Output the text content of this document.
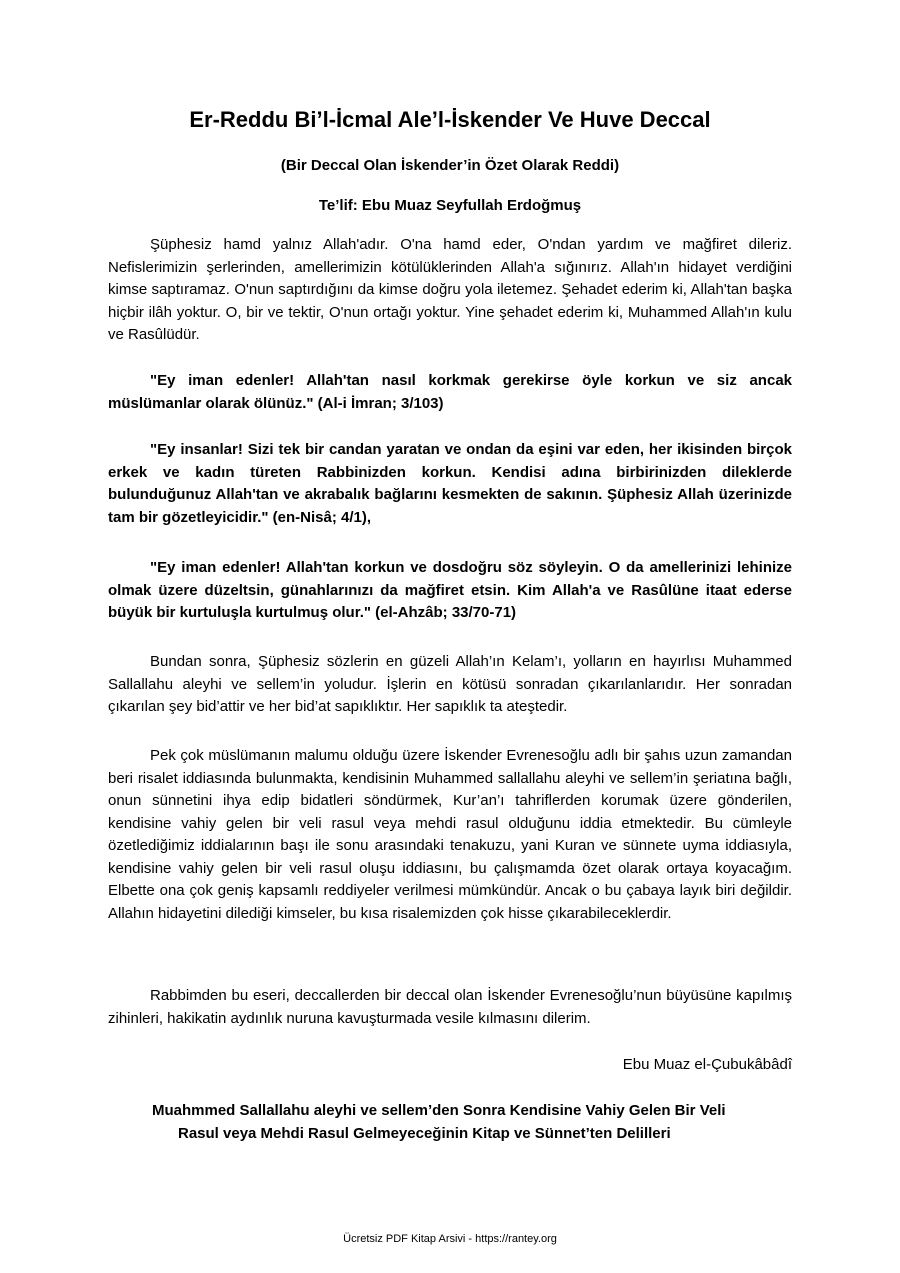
Er-Reddu Bi’l-İcmal Ale’l-İskender Ve Huve Deccal

(Bir Deccal Olan İskender’in Özet Olarak Reddi)

Te’lif: Ebu Muaz Seyfullah Erdoğmuş

Şüphesiz hamd yalnız Allah'adır. O'na hamd eder, O'ndan yardım ve mağfiret dileriz. Nefislerimizin şerlerinden, amellerimizin kötülüklerinden Allah'a sığınırız. Allah'ın hidayet verdiğini kimse saptıramaz. O'nun saptırdığını da kimse doğru yola iletemez. Şehadet ederim ki, Allah'tan başka hiçbir ilâh yoktur. O, bir ve tektir, O'nun ortağı yoktur. Yine şehadet ederim ki, Muhammed Allah'ın kulu ve Rasûlüdür.

"Ey iman edenler! Allah'tan nasıl korkmak gerekirse öyle korkun ve siz ancak müslümanlar olarak ölünüz." (Al-i İmran; 3/103)

"Ey insanlar! Sizi tek bir candan yaratan ve ondan da eşini var eden, her ikisinden birçok erkek ve kadın türeten Rabbinizden korkun. Kendisi adına birbirinizden dileklerde bulunduğunuz Allah'tan ve akrabalık bağlarını kesmekten de sakının. Şüphesiz Allah üzerinizde tam bir gözetleyicidir." (en-Nisâ; 4/1),

"Ey iman edenler! Allah'tan korkun ve dosdoğru söz söyleyin. O da amellerinizi lehinize olmak üzere düzeltsin, günahlarınızı da mağfiret etsin. Kim Allah'a ve Rasûlüne itaat ederse büyük bir kurtuluşla kurtulmuş olur." (el-Ahzâb; 33/70-71)

Bundan sonra, Şüphesiz sözlerin en güzeli Allah’ın Kelam’ı, yolların en hayırlısı Muhammed Sallallahu aleyhi ve sellem’in yoludur. İşlerin en kötüsü sonradan çıkarılanlarıdır. Her sonradan çıkarılan şey bid’attir ve her bid’at sapıklıktır. Her sapıklık ta ateştedir.

Pek çok müslümanın malumu olduğu üzere İskender Evrenesoğlu adlı bir şahıs uzun zamandan beri risalet iddiasında bulunmakta, kendisinin Muhammed sallallahu aleyhi ve sellem’in şeriatına bağlı, onun sünnetini ihya edip bidatleri söndürmek, Kur’an’ı tahriflerden korumak üzere gönderilen, kendisine vahiy gelen bir veli rasul veya mehdi rasul olduğunu iddia etmektedir. Bu cümleyle özetlediğimiz iddialarının başı ile sonu arasındaki tenakuzu, yani Kuran ve sünnete uyma iddiasıyla, kendisine vahiy gelen bir veli rasul oluşu iddiasını, bu çalışmamda özet olarak ortaya koyacağım. Elbette ona çok geniş kapsamlı reddiyeler verilmesi mümkündür. Ancak o bu çabaya layık biri değildir. Allahın hidayetini dilediği kimseler, bu kısa risalemizden çok hisse çıkarabileceklerdir.

Rabbimden bu eseri, deccallerden bir deccal olan İskender Evrenesoğlu’nun büyüsüne kapılmış zihinleri, hakikatin aydınlık nuruna kavuşturmada vesile kılmasını dilerim.

Ebu Muaz el-Çubukâbâdî

Muahmmed Sallallahu aleyhi ve sellem’den Sonra Kendisine Vahiy Gelen Bir Veli
Rasul veya Mehdi Rasul Gelmeyeceğinin Kitap ve Sünnet’ten Delilleri

Ücretsiz PDF Kitap Arsivi - https://rantey.org
